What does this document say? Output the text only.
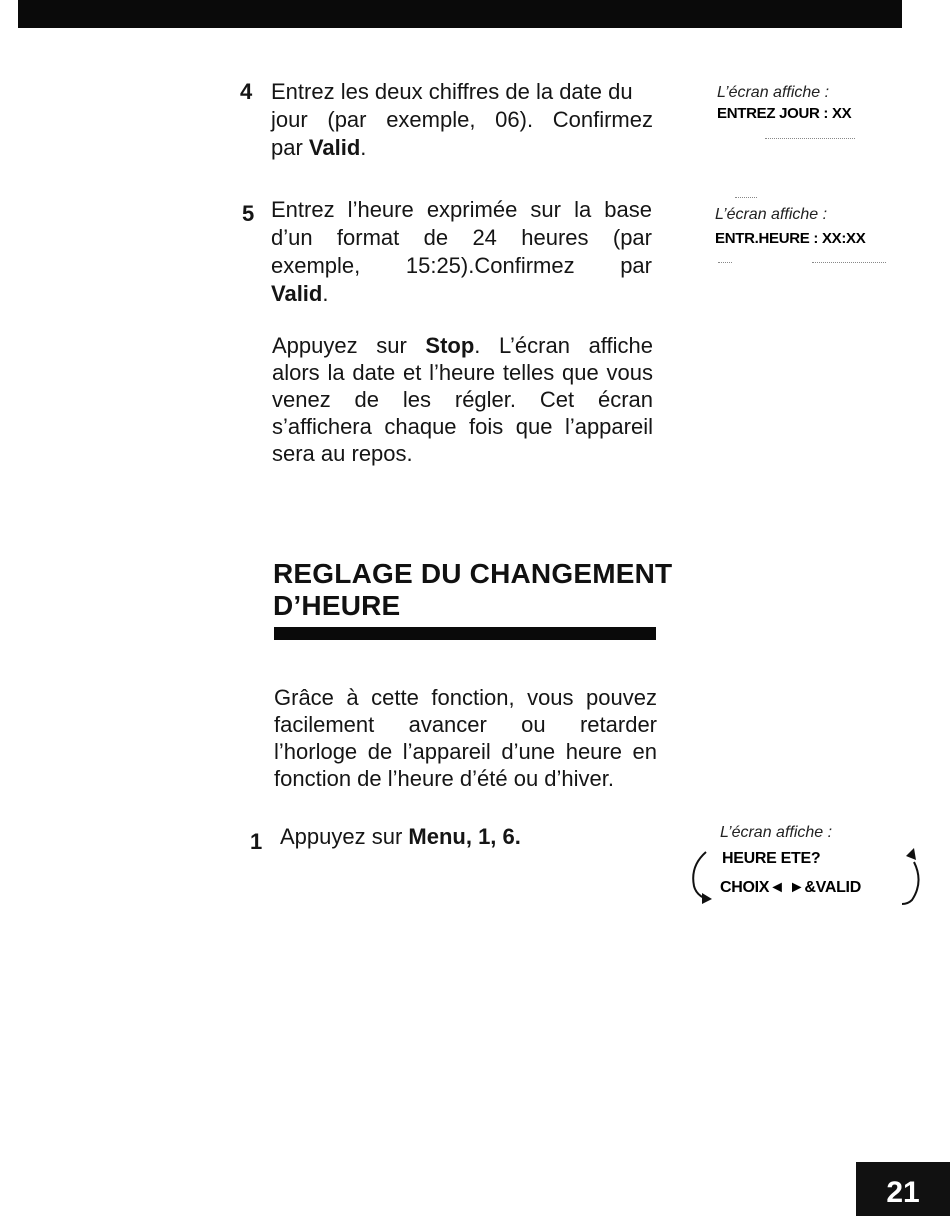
4 Entrez les deux chiffres de la date du
jour (par exemple, 06). Confirmez
par Valid.
L’écran affiche :
ENTREZ JOUR : XX
5 Entrez l’heure exprimée sur la base
d’un format de 24 heures (par
exemple, 15:25).Confirmez par
Valid.
L’écran affiche :
ENTR.HEURE : XX:XX
Appuyez sur Stop. L’écran affiche alors la date et l’heure telles que vous venez de les régler. Cet écran s’affichera chaque fois que l’appareil sera au repos.
REGLAGE DU CHANGEMENT
D’HEURE
Grâce à cette fonction, vous pouvez facilement avancer ou retarder l’horloge de l’appareil d’une heure en fonction de l’heure d’été ou d’hiver.
1 Appuyez sur Menu, 1, 6.	L’écran affiche :
HEURE ETE?
CHOIX◄ ►&VALID
21
